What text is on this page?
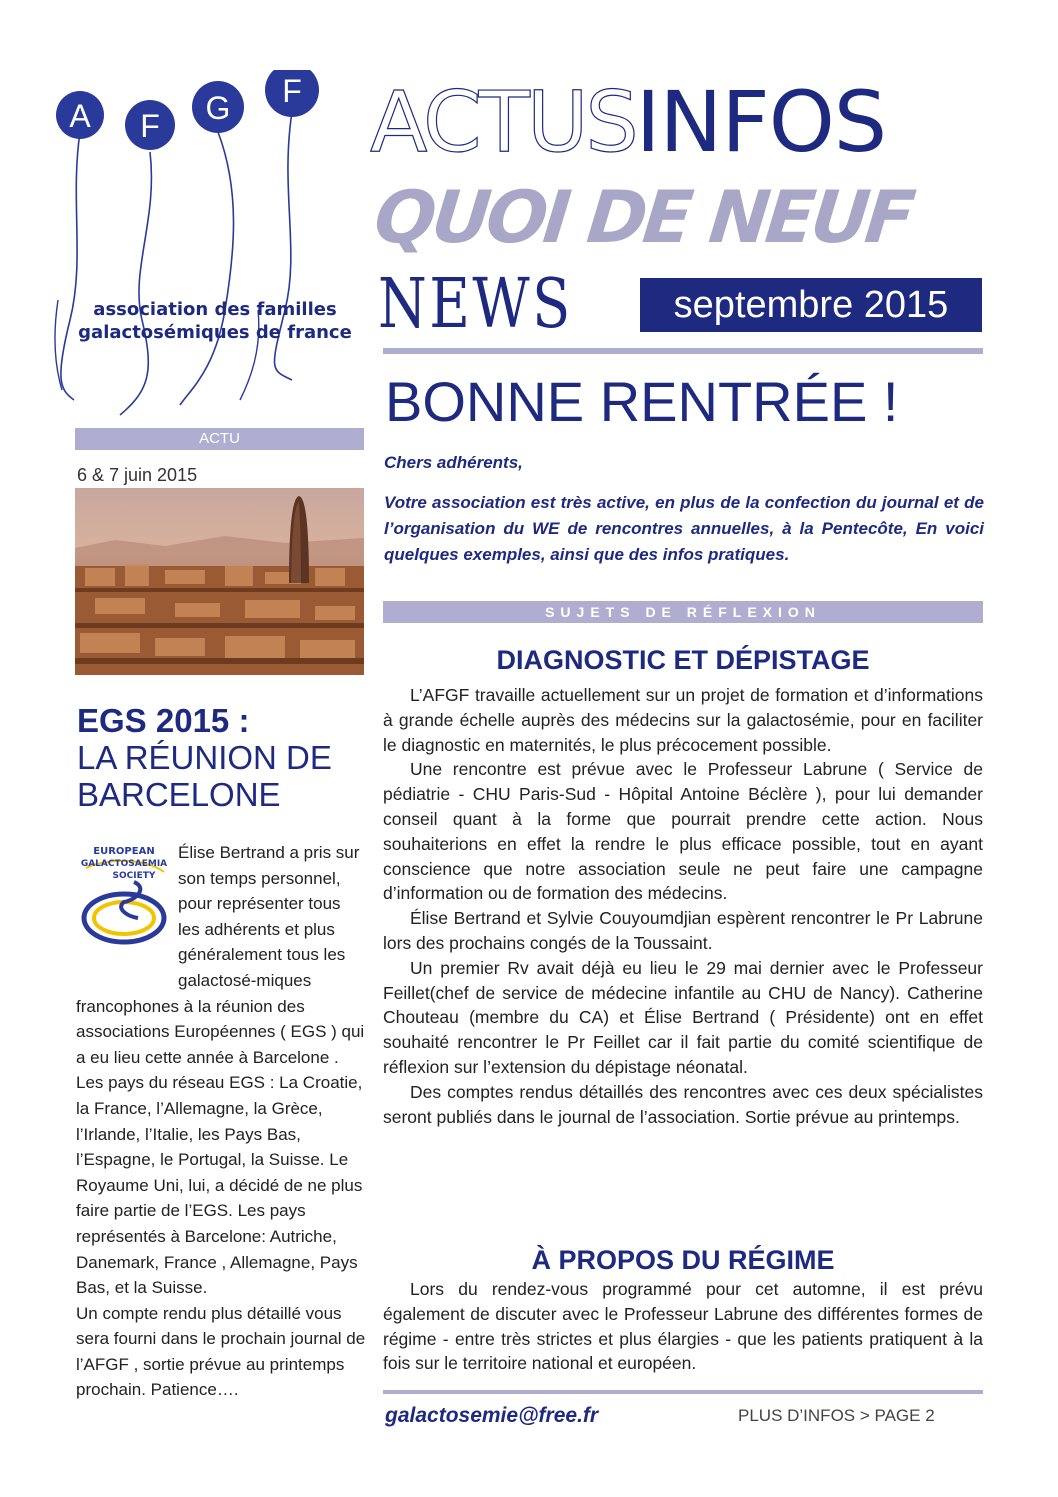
A F G F
association des familles
galactosémiques de france
ACTUSINFOS
QUOI DE NEUF
NEWS	septembre 2015
BONNE RENTRÉE !
ACTU
6 & 7 juin 2015
EGS 2015 :
LA RÉUNION DE
BARCELONE
EUROPEAN
GALACTOSAEMIA
SOCIETY
Élise Bertrand a pris sur son temps personnel, pour représenter tous les adhérents et plus généralement tous les galactosé-miques francophones à la réunion des associations Européennes ( EGS ) qui a eu lieu cette année à Barcelone .
Les pays du réseau EGS : La Croatie, la France, l’Allemagne, la Grèce, l’Irlande, l’Italie, les Pays Bas, l’Espagne, le Portugal, la Suisse. Le Royaume Uni, lui, a décidé de ne plus faire partie de l’EGS. Les pays représentés à Barcelone: Autriche, Danemark, France , Allemagne, Pays Bas, et la Suisse.
Un compte rendu plus détaillé vous sera fourni dans le prochain journal de l’AFGF , sortie prévue au printemps prochain. Patience….
Chers adhérents,
Votre association est très active, en plus de la confection du journal et de l’organisation du WE de rencontres annuelles, à la Pentecôte, En voici quelques exemples, ainsi que des infos pratiques.
SUJETS DE RÉFLEXION
DIAGNOSTIC ET DÉPISTAGE

L’AFGF travaille actuellement sur un projet de formation et d’informations à grande échelle auprès des médecins sur la galactosémie, pour en faciliter le diagnostic en maternités, le plus précocement possible.

Une rencontre est prévue avec le Professeur Labrune ( Service de pédiatrie - CHU Paris-Sud - Hôpital Antoine Béclère ), pour lui demander conseil quant à la forme que pourrait prendre cette action. Nous souhaiterions en effet la rendre le plus efficace possible, tout en ayant conscience que notre association seule ne peut faire une campagne d’information ou de formation des médecins.

Élise Bertrand et Sylvie Couyoumdjian espèrent rencontrer le Pr Labrune lors des prochains congés de la Toussaint.

Un premier Rv avait déjà eu lieu le 29 mai dernier avec le Professeur Feillet(chef de service de médecine infantile au CHU de Nancy). Catherine Chouteau (membre du CA) et Élise Bertrand ( Présidente) ont en effet souhaité rencontrer le Pr Feillet car il fait partie du comité scientifique de réflexion sur l’extension du dépistage néonatal.

Des comptes rendus détaillés des rencontres avec ces deux spécialistes seront publiés dans le journal de l’association. Sortie prévue au printemps.

À PROPOS DU RÉGIME

Lors du rendez-vous programmé pour cet automne, il est prévu également de discuter avec le Professeur Labrune des différentes formes de régime - entre très strictes et plus élargies - que les patients pratiquent à la fois sur le territoire national et européen.

galactosemie@free.fr	PLUS D’INFOS > PAGE 2
